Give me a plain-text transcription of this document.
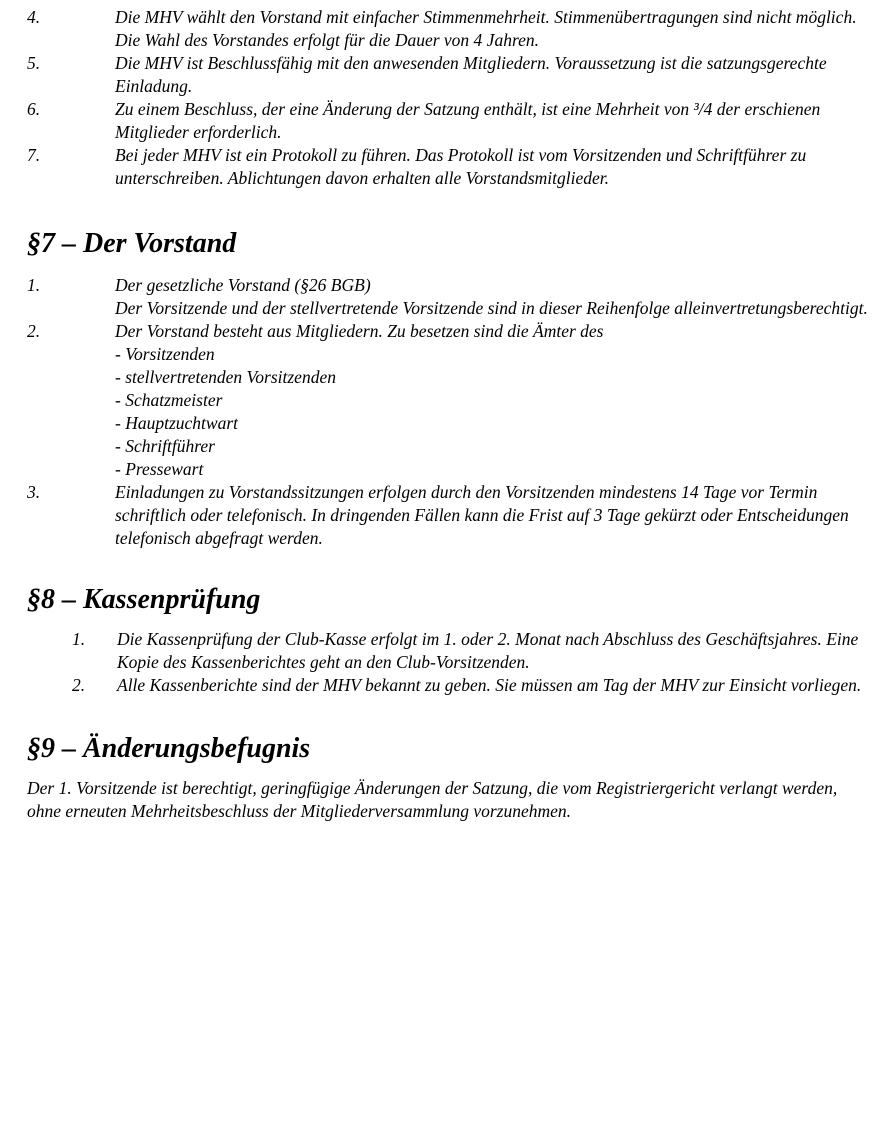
4.	Die MHV wählt den Vorstand mit einfacher Stimmenmehrheit. Stimmenübertragungen sind nicht möglich. Die Wahl des Vorstandes erfolgt für die Dauer von 4 Jahren.
5.	Die MHV ist Beschlussfähig mit den anwesenden Mitgliedern. Voraussetzung ist die satzungsgerechte Einladung.
6.	Zu einem Beschluss, der eine Änderung der Satzung enthält, ist eine Mehrheit von ³/4 der erschienen Mitglieder erforderlich.
7.	Bei jeder MHV ist ein Protokoll zu führen. Das Protokoll ist vom Vorsitzenden und Schriftführer zu unterschreiben. Ablichtungen davon erhalten alle Vorstandsmitglieder.
§7 – Der Vorstand
1.	Der gesetzliche Vorstand (§26 BGB)
Der Vorsitzende und der stellvertretende Vorsitzende sind in dieser Reihenfolge alleinvertretungsberechtigt.
2.	Der Vorstand besteht aus Mitgliedern. Zu besetzen sind die Ämter des
- Vorsitzenden
- stellvertretenden Vorsitzenden
- Schatzmeister
- Hauptzuchtwart
- Schriftführer
- Pressewart
3.	Einladungen zu Vorstandssitzungen erfolgen durch den Vorsitzenden mindestens 14 Tage vor Termin schriftlich oder telefonisch. In dringenden Fällen kann die Frist auf 3 Tage gekürzt oder Entscheidungen telefonisch abgefragt werden.
§8 – Kassenprüfung
1.	Die Kassenprüfung der Club-Kasse erfolgt im 1. oder 2. Monat nach Abschluss des Geschäftsjahres. Eine Kopie des Kassenberichtes geht an den Club-Vorsitzenden.
2.	Alle Kassenberichte sind der MHV bekannt zu geben. Sie müssen am Tag der MHV zur Einsicht vorliegen.
§9 – Änderungsbefugnis
Der 1. Vorsitzende ist berechtigt, geringfügige Änderungen der Satzung, die vom Registriergericht verlangt werden, ohne erneuten Mehrheitsbeschluss der Mitgliederversammlung vorzunehmen.
